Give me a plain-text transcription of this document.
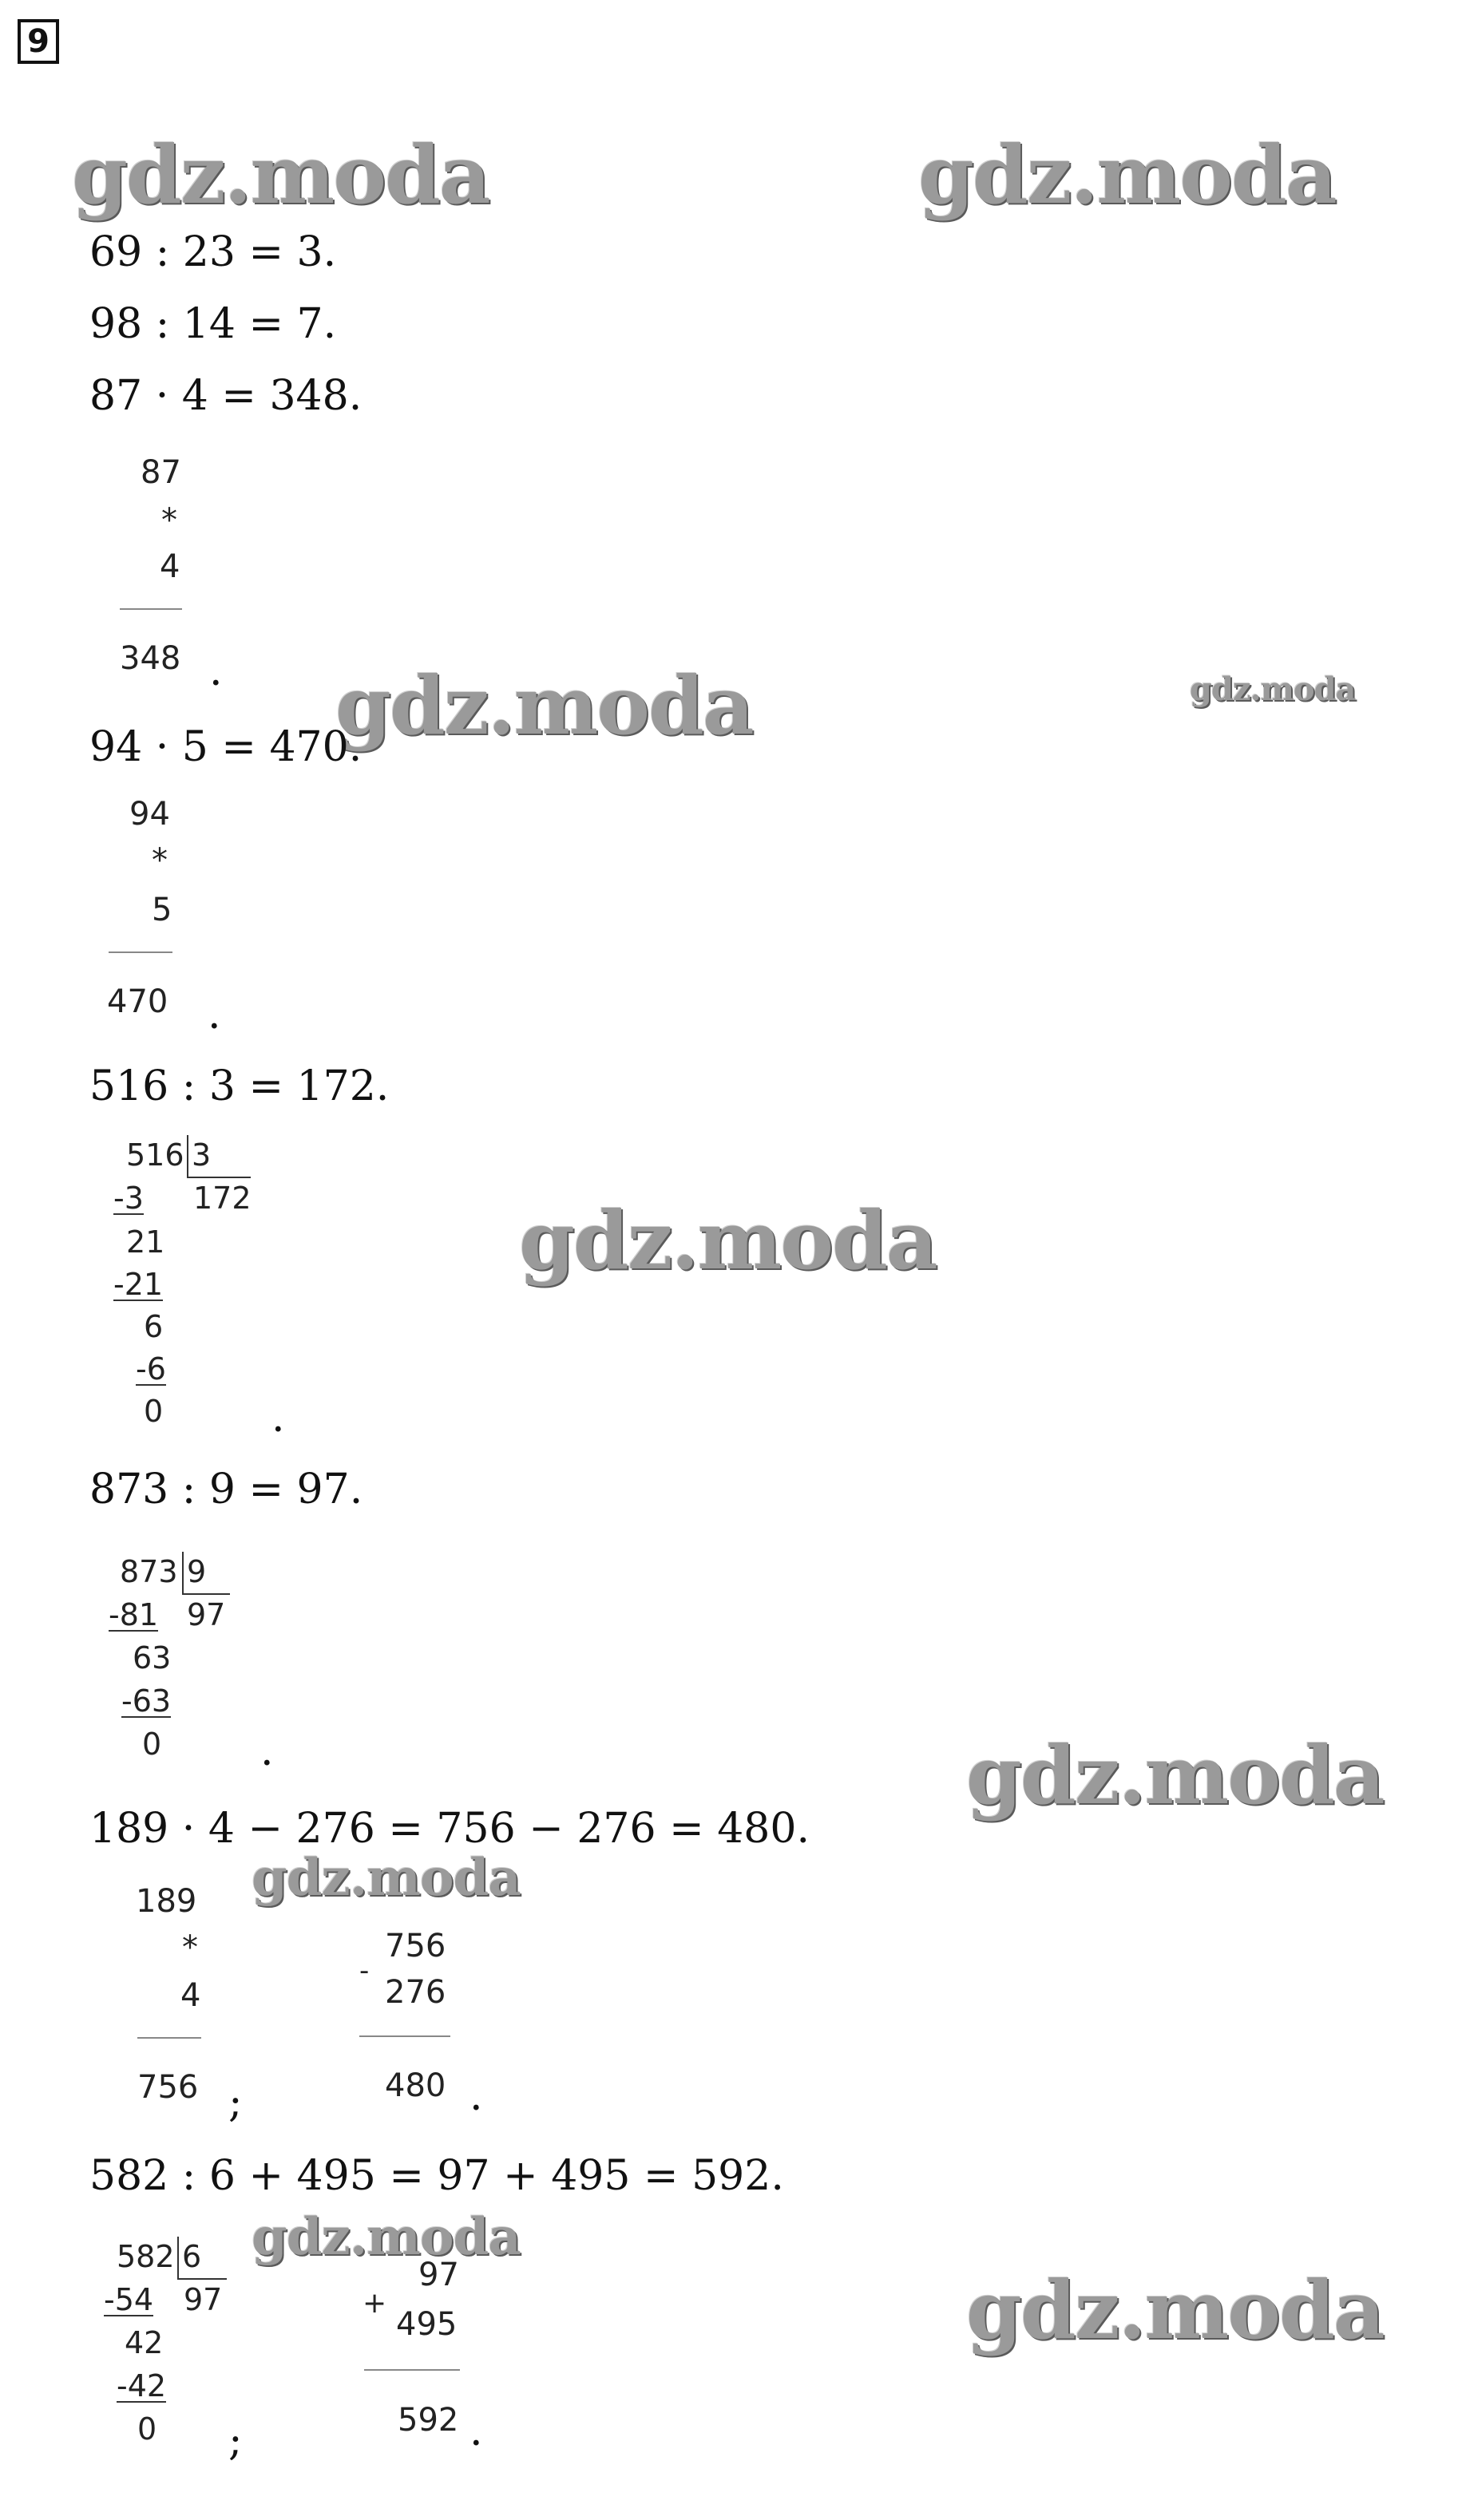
9
gdz.moda	gdz.moda
gdz.moda	gdz.moda
gdz.moda
gdz.moda
gdz.moda
gdz.moda
gdz.moda
69 : 23 = 3.
98 : 14 = 7.
87 · 4 = 348.
94 · 5 = 470.
516 : 3 = 172.
873 : 9 = 97.
189 · 4 − 276 = 756 − 276 = 480.
582 : 6 + 495 = 97 + 495 = 592.
87
*
4
348 .
94
*
5
470 .
516 3
172
-3
21
-21
6
-6
0	.
873 9
97
-81
63
-63
0 .
189
*
4
756 ;
-
756
276
480 .
582 6
97
-54
42
-42
0 ;
+
97
495
592 .
